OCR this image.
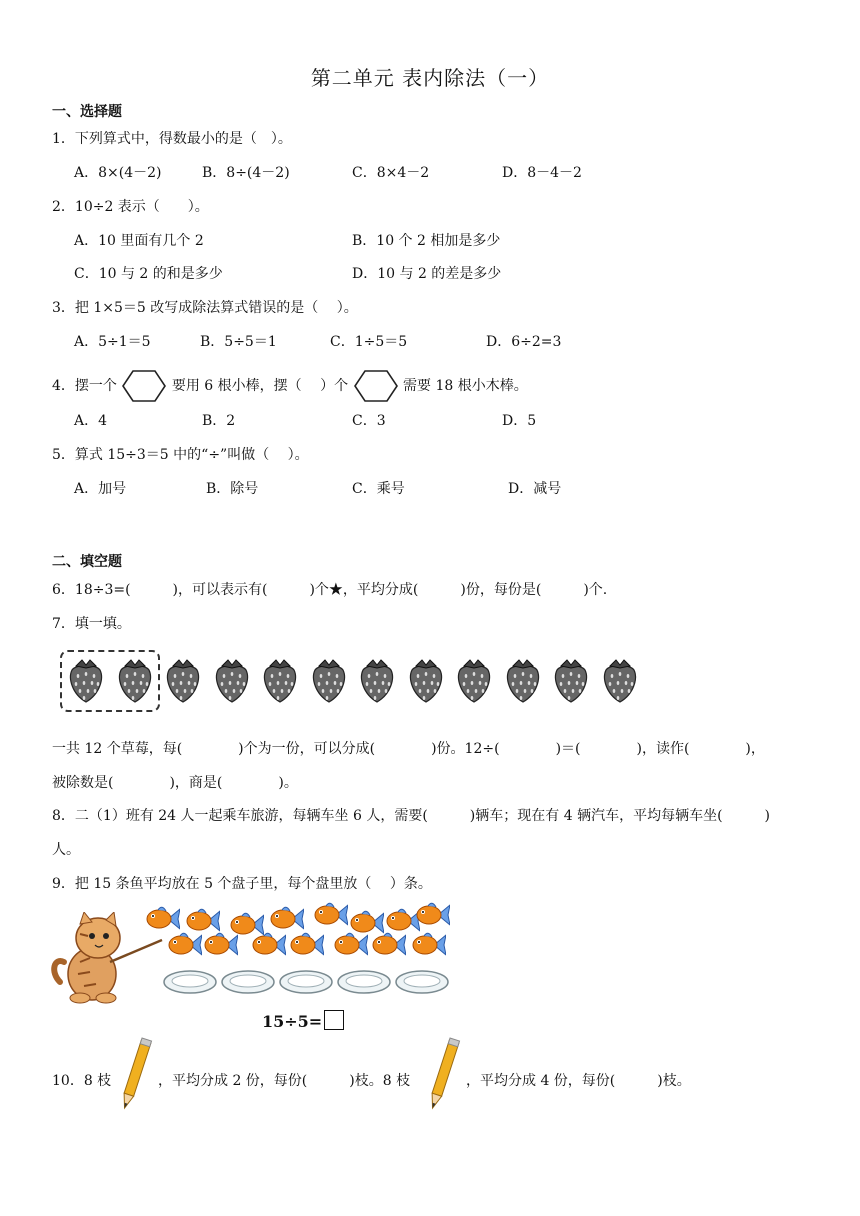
第二单元 表内除法（一）
一、选择题
1．下列算式中，得数最小的是（　）。
A．8×(4－2)	B．8÷(4－2)	C．8×4－2	D．8－4－2
2．10÷2 表示（　　）。
A．10 里面有几个 2	B．10 个 2 相加是多少
C．10 与 2 的和是多少	D．10 与 2 的差是多少
3．把 1×5＝5 改写成除法算式错误的是（　 ）。
A．5÷1＝5	B．5÷5＝1	C．1÷5＝5	D．6÷2=3
4．摆一个	要用 6 根小棒，摆（　 ）个	需要 18 根小木棒。
A．4	B．2	C．3	D．5
5．算式 15÷3＝5 中的“÷”叫做（　 ）。
A．加号	B．除号	C．乘号	D．减号
二、填空题
6．18÷3=(　　　)，可以表示有(　　　)个★，平均分成(　　　)份，每份是(　　　)个.
7．填一填。
一共 12 个草莓，每(　　　　)个为一份，可以分成(　　　　)份。12÷(　　　　)＝(　　　　)，读作(　　　　)，
被除数是(　　　　)，商是(　　　　)。
8．二（1）班有 24 人一起乘车旅游，每辆车坐 6 人，需要(　　　)辆车；现在有 4 辆汽车，平均每辆车坐(　　　)
人。
9．把 15 条鱼平均放在 5 个盘子里，每个盘里放（　 ）条。
15÷5=
10．8 枝	，平均分成 2 份，每份(　　　)枝。8 枝	，平均分成 4 份，每份(　　　)枝。
